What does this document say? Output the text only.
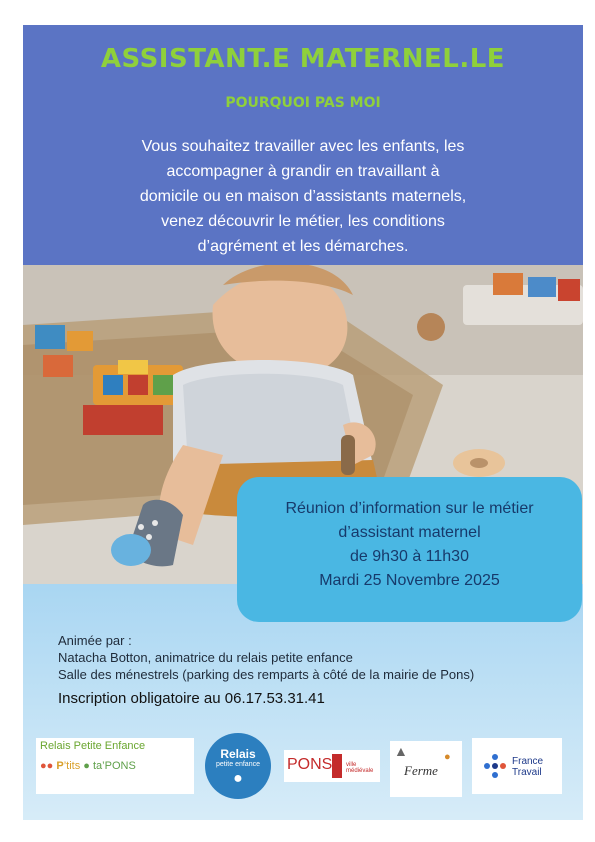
ASSISTANT.E MATERNEL.LE
POURQUOI PAS MOI
Vous souhaitez travailler avec les enfants, les
accompagner à grandir en travaillant à
domicile ou en maison d’assistants maternels,
venez découvrir le métier, les conditions
d’agrément et les démarches.
Réunion d’information sur le métier
d’assistant maternel
de 9h30 à 11h30
Mardi 25 Novembre 2025
Animée par :
Natacha Botton, animatrice du relais petite enfance
Salle des ménestrels (parking des remparts à côté de la mairie de Pons)
Inscription obligatoire au 06.17.53.31.41
Relais Petite Enfance
●● P’tits ● ta’PONS
Relais
petite enfance
●
PONS ville médiévale
▲
Ferme
●	France
Travail
